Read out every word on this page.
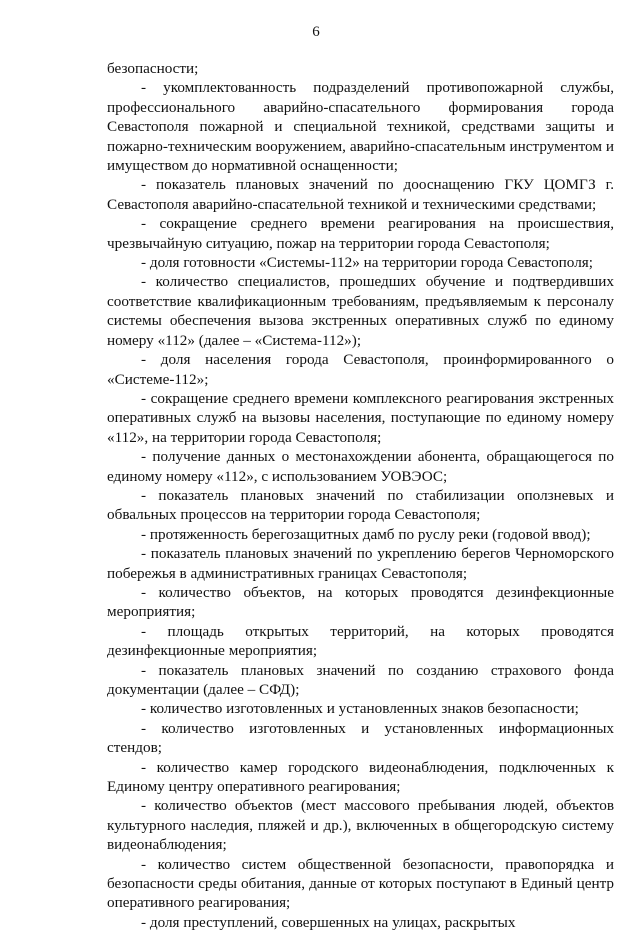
6

безопасности;

- укомплектованность подразделений противопожарной службы, профессионального аварийно-спасательного формирования города Севастополя пожарной и специальной техникой, средствами защиты и пожарно-техническим вооружением, аварийно-спасательным инструментом и имуществом до нормативной оснащенности;

- показатель плановых значений по дооснащению ГКУ ЦОМГЗ г. Севастополя аварийно-спасательной техникой и техническими средствами;

- сокращение среднего времени реагирования на происшествия, чрезвычайную ситуацию, пожар на территории города Севастополя;

- доля готовности «Системы-112» на территории города Севастополя;

- количество специалистов, прошедших обучение и подтвердивших соответствие квалификационным требованиям, предъявляемым к персоналу системы обеспечения вызова экстренных оперативных служб по единому номеру «112» (далее – «Система-112»);

- доля населения города Севастополя, проинформированного о «Системе-112»;

- сокращение среднего времени комплексного реагирования экстренных оперативных служб на вызовы населения, поступающие по единому номеру «112», на территории города Севастополя;

- получение данных о местонахождении абонента, обращающегося по единому номеру «112», с использованием УОВЭОС;

- показатель плановых значений по стабилизации оползневых и обвальных процессов на территории города Севастополя;

- протяженность берегозащитных дамб по руслу реки (годовой ввод);

- показатель плановых значений по укреплению берегов Черноморского побережья в административных границах Севастополя;

- количество объектов, на которых проводятся дезинфекционные мероприятия;

- площадь открытых территорий, на которых проводятся дезинфекционные мероприятия;

- показатель плановых значений по созданию страхового фонда документации (далее – СФД);

- количество изготовленных и установленных знаков безопасности;

- количество изготовленных и установленных информационных стендов;

- количество камер городского видеонаблюдения, подключенных к Единому центру оперативного реагирования;

- количество объектов (мест массового пребывания людей, объектов культурного наследия, пляжей и др.), включенных в общегородскую систему видеонаблюдения;

- количество систем общественной безопасности, правопорядка и безопасности среды обитания, данные от которых поступают в Единый центр оперативного реагирования;

- доля преступлений, совершенных на улицах, раскрытых
